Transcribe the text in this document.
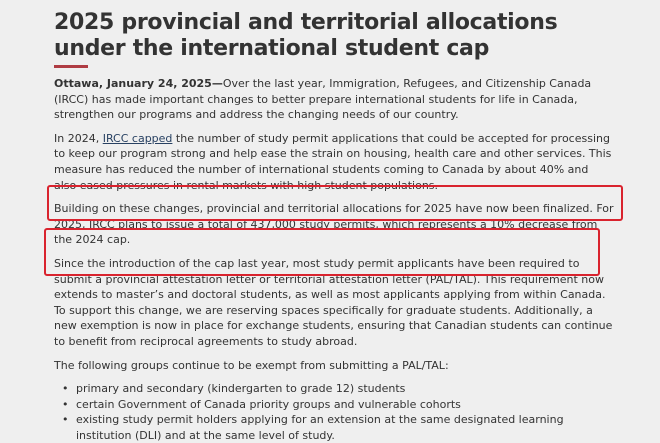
2025 provincial and territorial allocations under the international student cap

Ottawa, January 24, 2025—Over the last year, Immigration, Refugees, and Citizenship Canada (IRCC) has made important changes to better prepare international students for life in Canada, strengthen our programs and address the changing needs of our country.

In 2024, IRCC capped the number of study permit applications that could be accepted for processing to keep our program strong and help ease the strain on housing, health care and other services. This measure has reduced the number of international students coming to Canada by about 40% and also eased pressures in rental markets with high student populations.

Building on these changes, provincial and territorial allocations for 2025 have now been finalized. For 2025, IRCC plans to issue a total of 437,000 study permits, which represents a 10% decrease from the 2024 cap.

Since the introduction of the cap last year, most study permit applicants have been required to submit a provincial attestation letter or territorial attestation letter (PAL/TAL). This requirement now extends to master’s and doctoral students, as well as most applicants applying from within Canada. To support this change, we are reserving spaces specifically for graduate students. Additionally, a new exemption is now in place for exchange students, ensuring that Canadian students can continue to benefit from reciprocal agreements to study abroad.

The following groups continue to be exempt from submitting a PAL/TAL:

• primary and secondary (kindergarten to grade 12) students
• certain Government of Canada priority groups and vulnerable cohorts
• existing study permit holders applying for an extension at the same designated learning institution (DLI) and at the same level of study.
